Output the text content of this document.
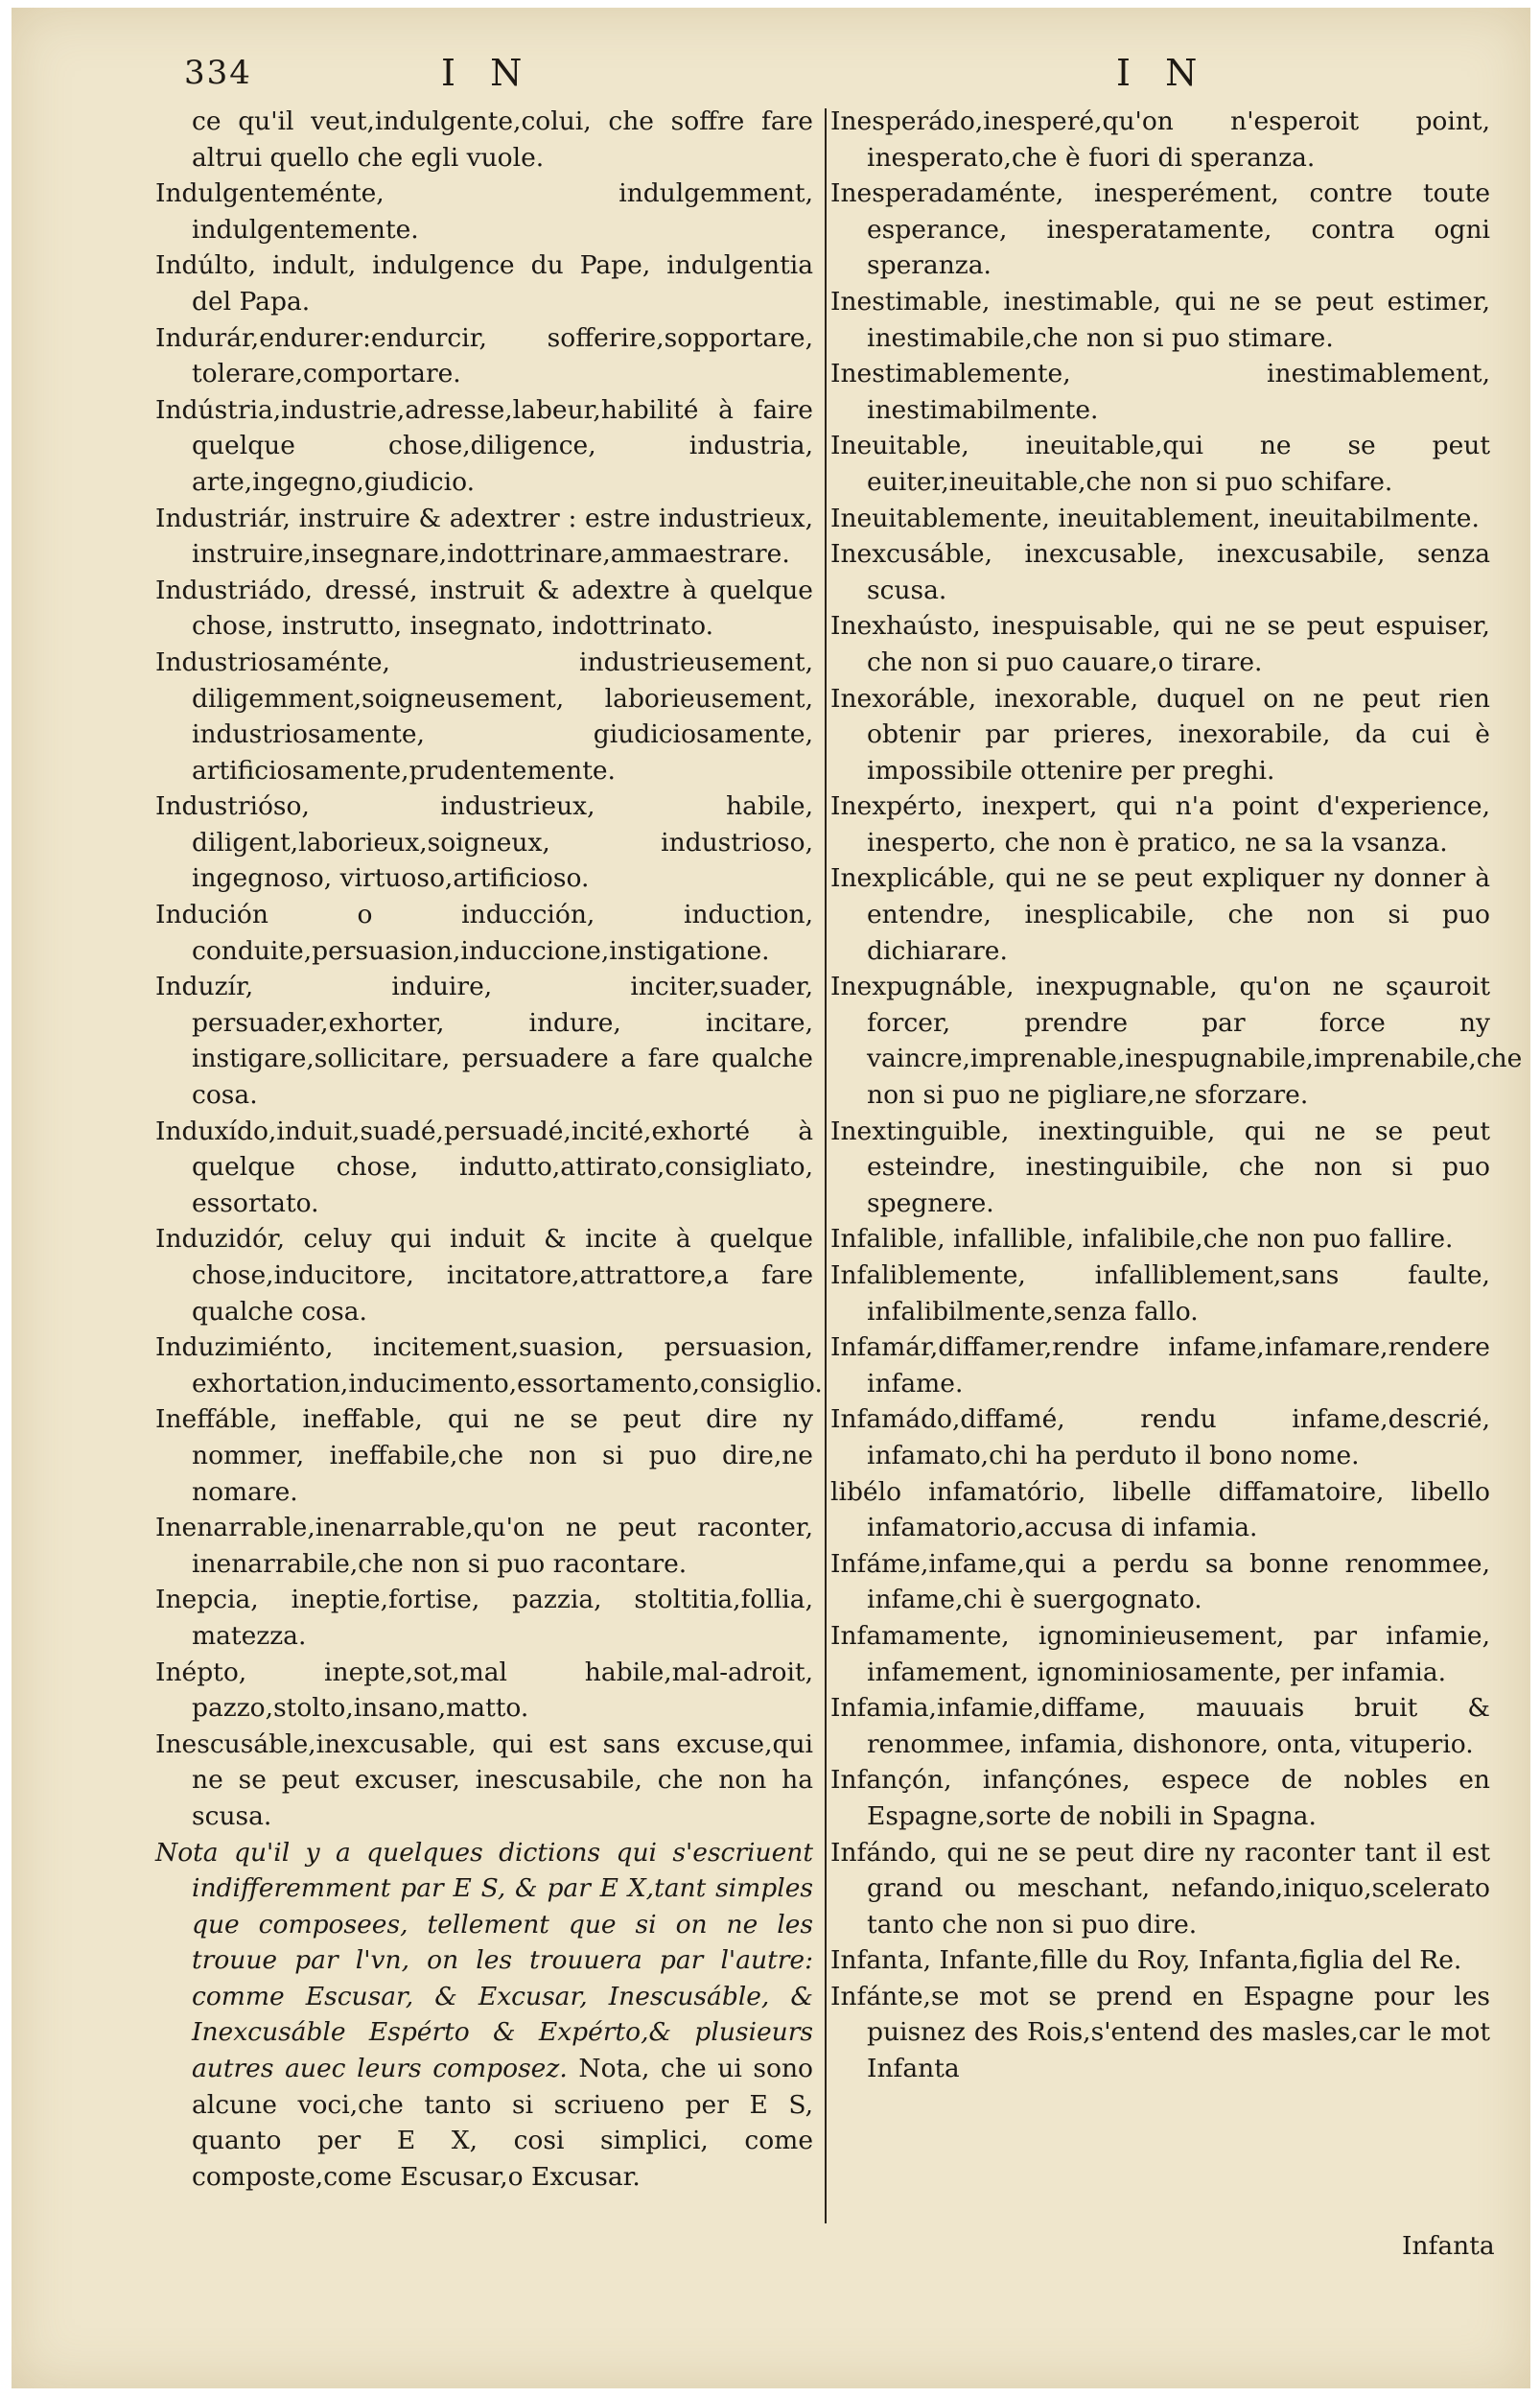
334	I N	I N

ce qu'il veut,indulgente,colui, che soffre fare altrui quello che egli vuole.

Indulgenteménte, indulgemment, indulgentemente.

Indúlto, indult, indulgence du Pape, indulgentia del Papa.

Indurár,endurer:endurcir, sofferire,sopportare, tolerare,comportare.

Indústria,industrie,adresse,labeur,habilité à faire quelque chose,diligence, industria, arte,ingegno,giudicio.

Industriár, instruire & adextrer : estre industrieux, instruire,insegnare,indottrinare,ammaestrare.

Industriádo, dressé, instruit & adextre à quelque chose, instrutto, insegnato, indottrinato.

Industriosaménte, industrieusement, diligemment,soigneusement, laborieusement, industriosamente, giudiciosamente, artificiosamente,prudentemente.

Industrióso, industrieux, habile, diligent,laborieux,soigneux, industrioso, ingegnoso, virtuoso,artificioso.

Indución o inducción, induction, conduite,persuasion,induccione,instigatione.

Induzír, induire, inciter,suader, persuader,exhorter, indure, incitare, instigare,sollicitare, persuadere a fare qualche cosa.

Induxído,induit,suadé,persuadé,incité,exhorté à quelque chose, indutto,attirato,consigliato, essortato.

Induzidór, celuy qui induit & incite à quelque chose,inducitore, incitatore,attrattore,a fare qualche cosa.

Induzimiénto, incitement,suasion, persuasion, exhortation,inducimento,essortamento,consiglio.

Ineffáble, ineffable, qui ne se peut dire ny nommer, ineffabile,che non si puo dire,ne nomare.

Inenarrable,inenarrable,qu'on ne peut raconter, inenarrabile,che non si puo racontare.

Inepcia, ineptie,fortise, pazzia, stoltitia,follia, matezza.

Inépto, inepte,sot,mal habile,mal-adroit, pazzo,stolto,insano,matto.

Inescusáble,inexcusable, qui est sans excuse,qui ne se peut excuser, inescusabile, che non ha scusa.

Nota qu'il y a quelques dictions qui s'escriuent indifferemment par E S, & par E X,tant simples que composees, tellement que si on ne les trouue par l'vn, on les trouuera par l'autre: comme Escusar, & Excusar, Inescusáble, & Inexcusáble Espérto & Expérto,& plusieurs autres auec leurs composez. Nota, che ui sono alcune voci,che tanto si scriueno per E S, quanto per E X, cosi simplici, come composte,come Escusar,o Excusar.

Inesperádo,inesperé,qu'on n'esperoit point, inesperato,che è fuori di speranza.

Inesperadaménte, inesperément, contre toute esperance, inesperatamente, contra ogni speranza.

Inestimable, inestimable, qui ne se peut estimer, inestimabile,che non si puo stimare.

Inestimablemente, inestimablement, inestimabilmente.

Ineuitable, ineuitable,qui ne se peut euiter,ineuitable,che non si puo schifare.

Ineuitablemente, ineuitablement, ineuitabilmente.

Inexcusáble, inexcusable, inexcusabile, senza scusa.

Inexhaústo, inespuisable, qui ne se peut espuiser, che non si puo cauare,o tirare.

Inexoráble, inexorable, duquel on ne peut rien obtenir par prieres, inexorabile, da cui è impossibile ottenire per preghi.

Inexpérto, inexpert, qui n'a point d'experience, inesperto, che non è pratico, ne sa la vsanza.

Inexplicáble, qui ne se peut expliquer ny donner à entendre, inesplicabile, che non si puo dichiarare.

Inexpugnáble, inexpugnable, qu'on ne sçauroit forcer, prendre par force ny vaincre,imprenable,inespugnabile,imprenabile,che non si puo ne pigliare,ne sforzare.

Inextinguible, inextinguible, qui ne se peut esteindre, inestinguibile, che non si puo spegnere.

Infalible, infallible, infalibile,che non puo fallire.

Infaliblemente, infalliblement,sans faulte, infalibilmente,senza fallo.

Infamár,diffamer,rendre infame,infamare,rendere infame.

Infamádo,diffamé, rendu infame,descrié, infamato,chi ha perduto il bono nome.

libélo infamatório, libelle diffamatoire, libello infamatorio,accusa di infamia.

Infáme,infame,qui a perdu sa bonne renommee, infame,chi è suergognato.

Infamamente, ignominieusement, par infamie, infamement, ignominiosamente, per infamia.

Infamia,infamie,diffame, mauuais bruit & renommee, infamia, dishonore, onta, vituperio.

Infançón, infançónes, espece de nobles en Espagne,sorte de nobili in Spagna.

Infándo, qui ne se peut dire ny raconter tant il est grand ou meschant, nefando,iniquo,scelerato tanto che non si puo dire.

Infanta, Infante,fille du Roy, Infanta,figlia del Re.

Infánte,se mot se prend en Espagne pour les puisnez des Rois,s'entend des masles,car le mot Infanta

Infanta
